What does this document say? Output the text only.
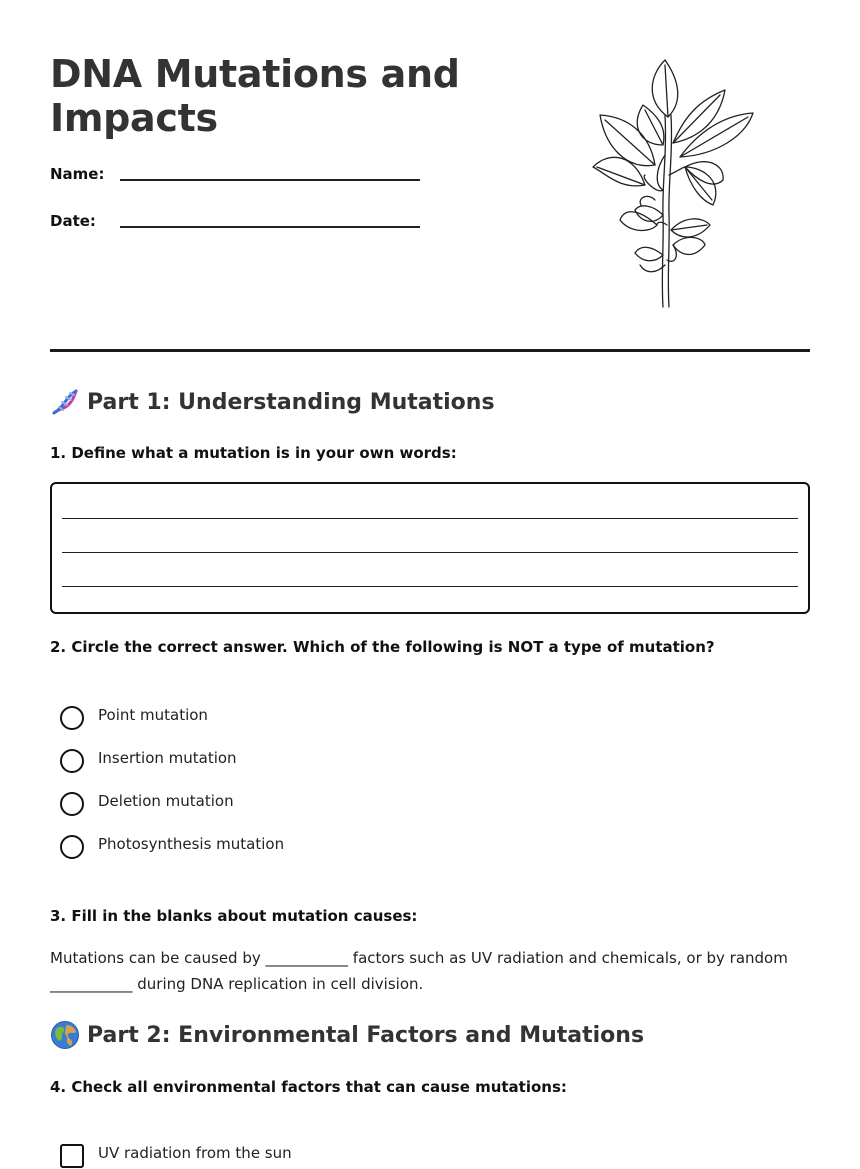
DNA Mutations and Impacts
Name:
Date:
Part 1: Understanding Mutations
1. Define what a mutation is in your own words:
2. Circle the correct answer. Which of the following is NOT a type of mutation?
Point mutation
Insertion mutation
Deletion mutation
Photosynthesis mutation
3. Fill in the blanks about mutation causes:
Mutations can be caused by ___________ factors such as UV radiation and chemicals, or by random ___________ during DNA replication in cell division.
Part 2: Environmental Factors and Mutations
4. Check all environmental factors that can cause mutations:
UV radiation from the sun
